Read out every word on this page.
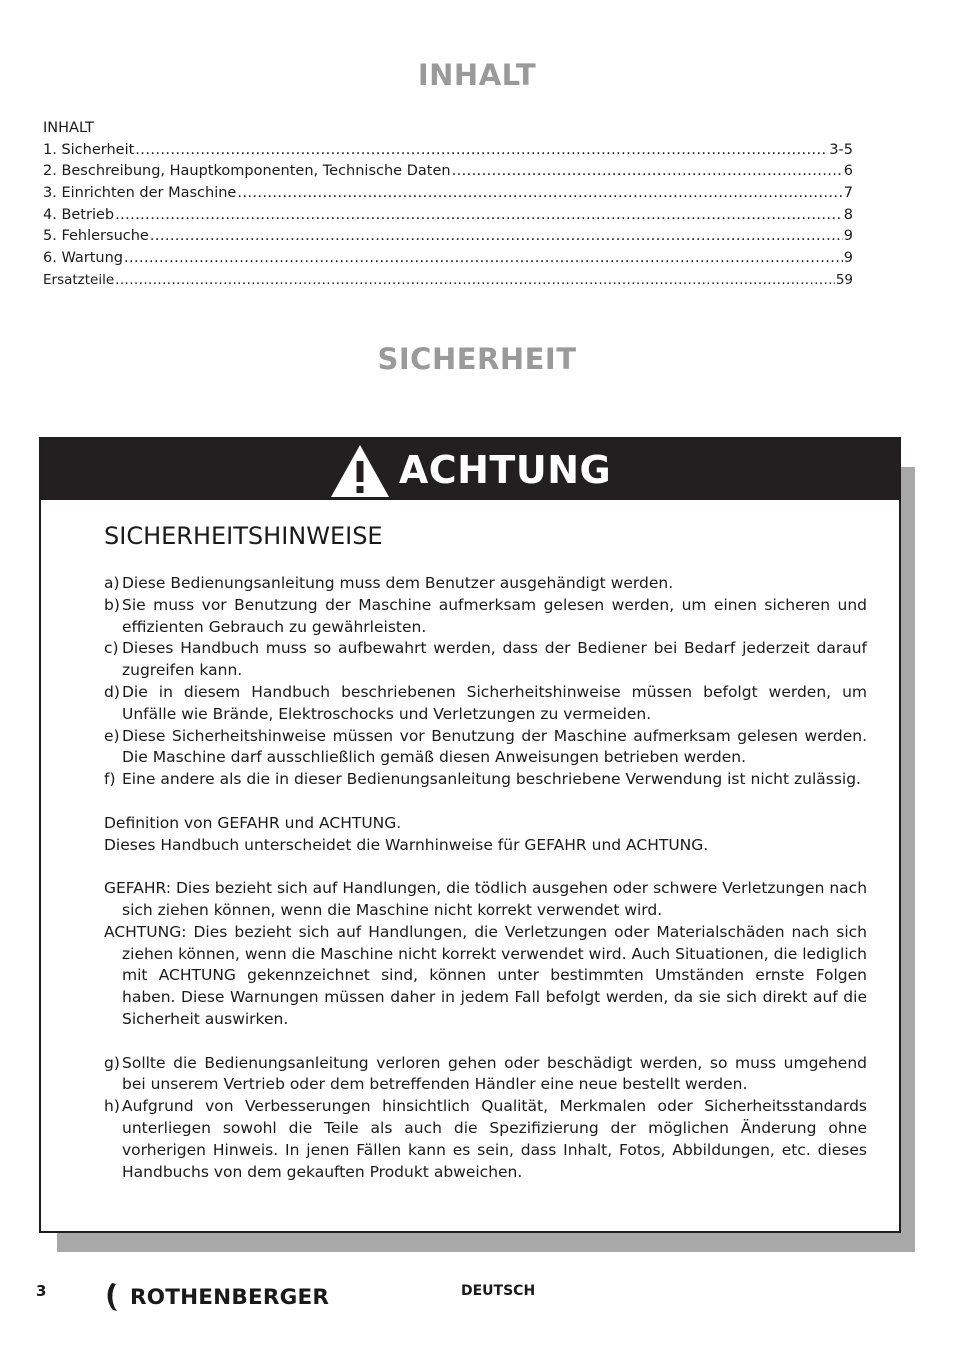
INHALT
INHALT
1. Sicherheit .....	3-5
2. Beschreibung, Hauptkomponenten, Technische Daten .....	6
3. Einrichten der Maschine .....	7
4. Betrieb .....	8
5. Fehlersuche .....	9
6. Wartung .....	9
Ersatzteile .....	59
SICHERHEIT
ACHTUNG
SICHERHEITSHINWEISE
a) Diese Bedienungsanleitung muss dem Benutzer ausgehändigt werden.
b) Sie muss vor Benutzung der Maschine aufmerksam gelesen werden, um einen sicheren und effizienten Gebrauch zu gewährleisten.
c) Dieses Handbuch muss so aufbewahrt werden, dass der Bediener bei Bedarf jederzeit darauf zugreifen kann.
d) Die in diesem Handbuch beschriebenen Sicherheitshinweise müssen befolgt werden, um Unfälle wie Brände, Elektroschocks und Verletzungen zu vermeiden.
e) Diese Sicherheitshinweise müssen vor Benutzung der Maschine aufmerksam gelesen werden. Die Maschine darf ausschließlich gemäß diesen Anweisungen betrieben werden.
f) Eine andere als die in dieser Bedienungsanleitung beschriebene Verwendung ist nicht zulässig.
Definition von GEFAHR und ACHTUNG.
Dieses Handbuch unterscheidet die Warnhinweise für GEFAHR und ACHTUNG.
GEFAHR: Dies bezieht sich auf Handlungen, die tödlich ausgehen oder schwere Verletzungen nach sich ziehen können, wenn die Maschine nicht korrekt verwendet wird.
ACHTUNG: Dies bezieht sich auf Handlungen, die Verletzungen oder Materialschäden nach sich ziehen können, wenn die Maschine nicht korrekt verwendet wird. Auch Situationen, die lediglich mit ACHTUNG gekennzeichnet sind, können unter bestimmten Umständen ernste Folgen haben. Diese Warnungen müssen daher in jedem Fall befolgt werden, da sie sich direkt auf die Sicherheit auswirken.
g) Sollte die Bedienungsanleitung verloren gehen oder beschädigt werden, so muss umgehend bei unserem Vertrieb oder dem betreffenden Händler eine neue bestellt werden.
h) Aufgrund von Verbesserungen hinsichtlich Qualität, Merkmalen oder Sicherheitsstandards unterliegen sowohl die Teile als auch die Spezifizierung der möglichen Änderung ohne vorherigen Hinweis. In jenen Fällen kann es sein, dass Inhalt, Fotos, Abbildungen, etc. dieses Handbuchs von dem gekauften Produkt abweichen.
3	ROTHENBERGER	DEUTSCH
